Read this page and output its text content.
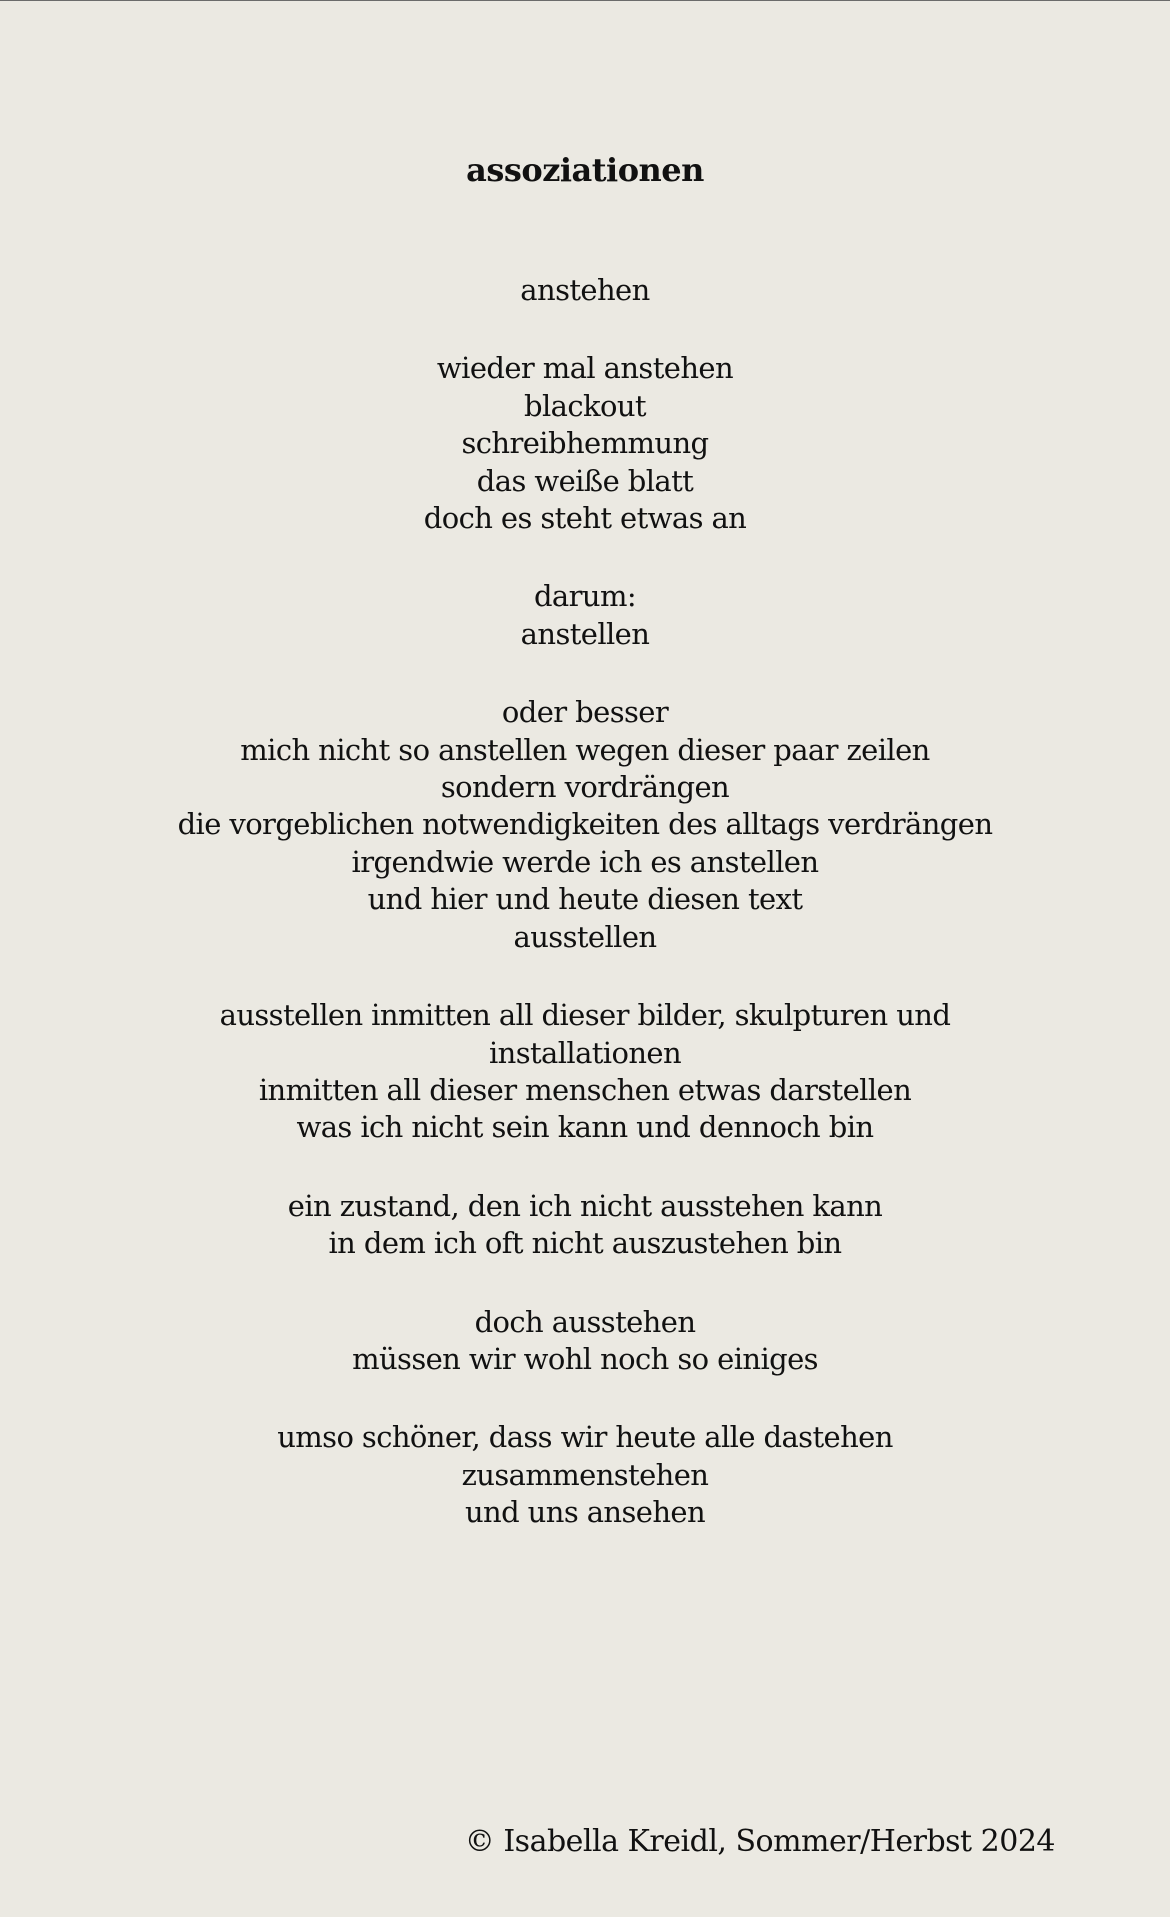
assoziationen
anstehen
wieder mal anstehen
blackout
schreibhemmung
das weiße blatt
doch es steht etwas an
darum:
anstellen
oder besser
mich nicht so anstellen wegen dieser paar zeilen
sondern vordrängen
die vorgeblichen notwendigkeiten des alltags verdrängen
irgendwie werde ich es anstellen
und hier und heute diesen text
ausstellen
ausstellen inmitten all dieser bilder, skulpturen und
installationen
inmitten all dieser menschen etwas darstellen
was ich nicht sein kann und dennoch bin
ein zustand, den ich nicht ausstehen kann
in dem ich oft nicht auszustehen bin
doch ausstehen
müssen wir wohl noch so einiges
umso schöner, dass wir heute alle dastehen
zusammenstehen
und uns ansehen
© Isabella Kreidl, Sommer/Herbst 2024
